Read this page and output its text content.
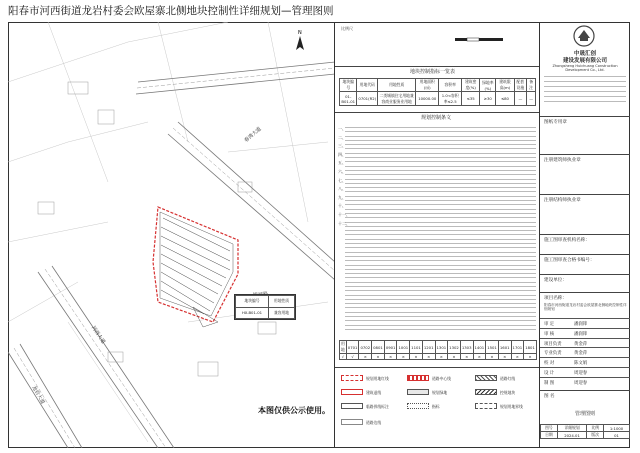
阳春市河西街道龙岩村委会欧屋寨北侧地块控制性详细规划—管理图则
N
春湾大道
河西大道
龙岩大道
地块编号	用地性质
HX-B01-01	兼容用地
本图仅供公示使用。
比例尺
地块控制指标一览表
地块编号	用地代码	用地性质	用地面积(㎡)	容积率	建筑密度(%)	绿地率(%)	建筑限高(m)	配套设施	备注
01-B01-01	0701(R2)	二类城镇住宅用地兼容商业服务业用地	10000.00	1.0<容积率≤2.5	≤35	≥30	≤80	—	—
规划控制条文
一、
二、
三、
四、
五、
六、
七、
八、
九、
十、
十一、
十二、
用地	0701	0702	0801	0901	1001	1101	1201	1301	1302	1303	1401	1501	1601	1701	1801
√	√	×	×	×	×	×	×	×	×	×	×	×	×	×	×
规划用地红线	道路中心线	道路红线
建筑退线	规划绿地	控规地块
临路界线标注	指标	规划用地界线
道路边线
中晟汇创
建设发展有限公司
Zhongsheng Huichuang Construction Development Co., Ltd.
图纸专用章
注册建筑师执业章
注册结构师执业章
施工图审查机构名称：
施工图审查合格书编号：
建设单位：
项目名称：
阳春市河西街道龙岩村委会欧屋寨北侧地块控制性详细规划
审 定	潘润锋
审 核	潘润锋
项目负责	黄金萍
专业负责	黄金萍
校 对	陈文娟
设 计	周迎春
制 图	周迎春
图 名
管理图则
图号	详细规划	比例	1:1000
日期	2024.01	版次	01
